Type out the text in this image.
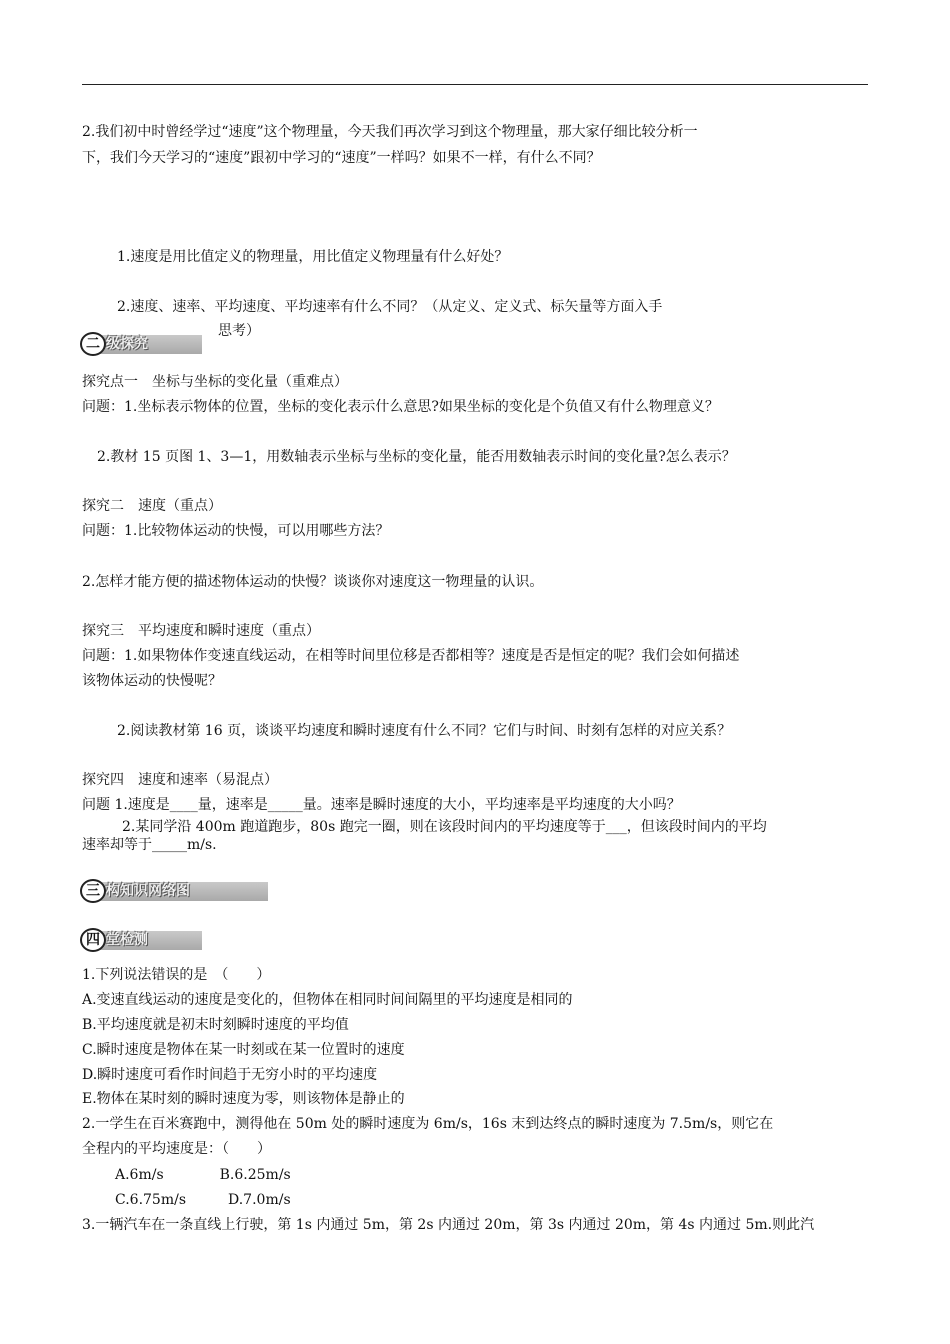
2.我们初中时曾经学过“速度”这个物理量，今天我们再次学习到这个物理量，那大家仔细比较分析一
下，我们今天学习的“速度”跟初中学习的“速度”一样吗？如果不一样，有什么不同？
1.速度是用比值定义的物理量，用比值定义物理量有什么好处？
2.速度、速率、平均速度、平均速率有什么不同？（从定义、定义式、标矢量等方面入手
思考）
级探究
二
探究点一　坐标与坐标的变化量（重难点）
问题：1.坐标表示物体的位置，坐标的变化表示什么意思?如果坐标的变化是个负值又有什么物理意义？
2.教材 15 页图 1、3—1，用数轴表示坐标与坐标的变化量，能否用数轴表示时间的变化量?怎么表示？
探究二　速度（重点）
问题：1.比较物体运动的快慢，可以用哪些方法？
2.怎样才能方便的描述物体运动的快慢？谈谈你对速度这一物理量的认识。
探究三　平均速度和瞬时速度（重点）
问题：1.如果物体作变速直线运动，在相等时间里位移是否都相等？速度是否是恒定的呢？我们会如何描述
该物体运动的快慢呢？
2.阅读教材第 16 页，谈谈平均速度和瞬时速度有什么不同？它们与时间、时刻有怎样的对应关系？
探究四　速度和速率（易混点）
问题 1.速度是____量，速率是_____量。速率是瞬时速度的大小，平均速率是平均速度的大小吗？
2.某同学沿 400m 跑道跑步，80s 跑完一圈，则在该段时间内的平均速度等于___，但该段时间内的平均
速率却等于_____m/s.
构知识网络图
三
堂检测
四
1.下列说法错误的是　（　　）
A.变速直线运动的速度是变化的，但物体在相同时间间隔里的平均速度是相同的
B.平均速度就是初末时刻瞬时速度的平均值
C.瞬时速度是物体在某一时刻或在某一位置时的速度
D.瞬时速度可看作时间趋于无穷小时的平均速度
E.物体在某时刻的瞬时速度为零，则该物体是静止的
2.一学生在百米赛跑中，测得他在 50m 处的瞬时速度为 6m/s，16s 末到达终点的瞬时速度为 7.5m/s，则它在
全程内的平均速度是：（　　）
A.6m/s　　　　B.6.25m/s
C.6.75m/s　　　D.7.0m/s
3.一辆汽车在一条直线上行驶，第 1s 内通过 5m，第 2s 内通过 20m，第 3s 内通过 20m，第 4s 内通过 5m.则此汽
